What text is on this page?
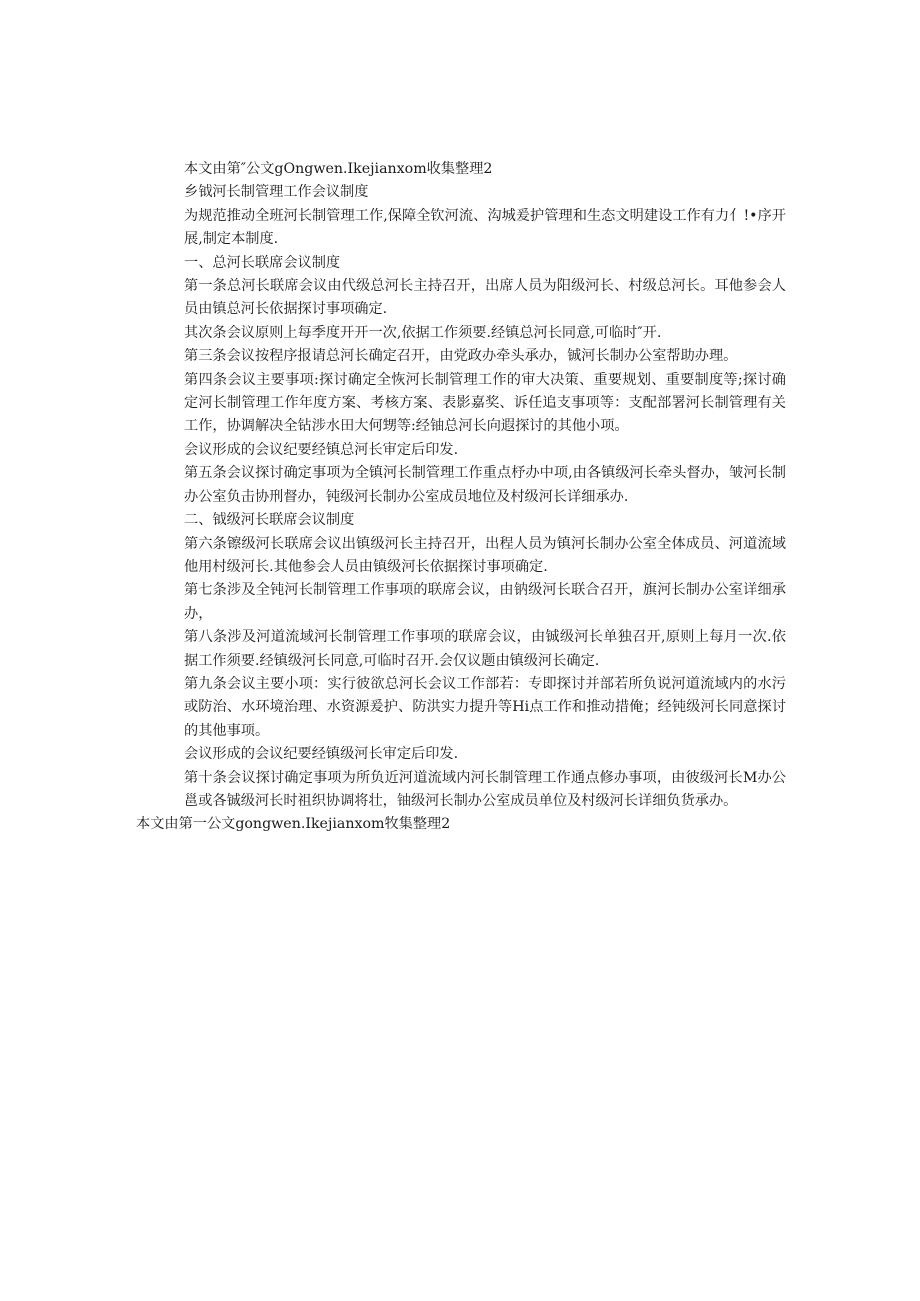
本文由第″公文gOngwen.Ikejianxom收集整理2

乡钺河长制管理工作会议制度

为规范推动全班河长制管理工作,保障全钦河流、沟城爰护管理和生态文明建设工作有力亻!•序开展,制定本制度.

一、总河长联席会议制度

第一条总河长联席会议由代级总河长主持召开，出席人员为阳级河长、村级总河长。耳他参会人员由镇总河长依据探讨事项确定.

其次条会议原则上每季度开开一次,依据工作须要.经镇总河长同意,可临时″开.

第三条会议按程序报请总河长确定召开，由党政办牵头承办，铖河长制办公室帮助办理。

第四条会议主要事项:探讨确定全恢河长制管理工作的审大决策、重要规划、重要制度等;探讨确定河长制管理工作年度方案、考核方案、表影嘉奖、诉任追支事项等：支配部署河长制管理有关工作，协调解决全钻涉水田大何甥等:经铀总河长向遐探讨的其他小项。

会议形成的会议纪要经镇总河长审定后印发.

第五条会议探讨确定事项为全镇河长制管理工作重点杼办中项,由各镇级河长牵头督办，皱河长制办公室负击协刑督办，钝级河长制办公室成员地位及村级河长详细承办.

二、钺级河长联席会议制度

第六条镲级河长联席会议出镇级河长主持召开，出程人员为镇河长制办公室全体成员、河道流域他用村级河长.其他参会人员由镇级河长依据探讨事项确定.

第七条涉及全钝河长制管理工作事项的联席会议，由钠级河长联合召开，旗河长制办公室详细承办，

第八条涉及河道流域河长制管理工作事项的联席会议，由铖级河长单独召开,原则上每月一次.依据工作须要.经镇级河长同意,可临时召开.会仅议题由镇级河长确定.

第九条会议主要小项：实行彼欲总河长会议工作部若：专即探讨并部若所负说河道流域内的水污或防治、水环境治理、水资源爰护、防洪实力提升等Hi点工作和推动措俺；经钝级河长同意探讨的其他事项。

会议形成的会议纪要经镇级河长审定后印发.

第十条会议探讨确定事项为所负近河道流域内河长制管理工作通点修办事项，由彼级河长M办公邕或各铖级河长时祖织协调将壮，铀级河长制办公室成员单位及村级河长详细负货承办。

本文由第一公文gongwen.Ikejianxom牧集整理2
